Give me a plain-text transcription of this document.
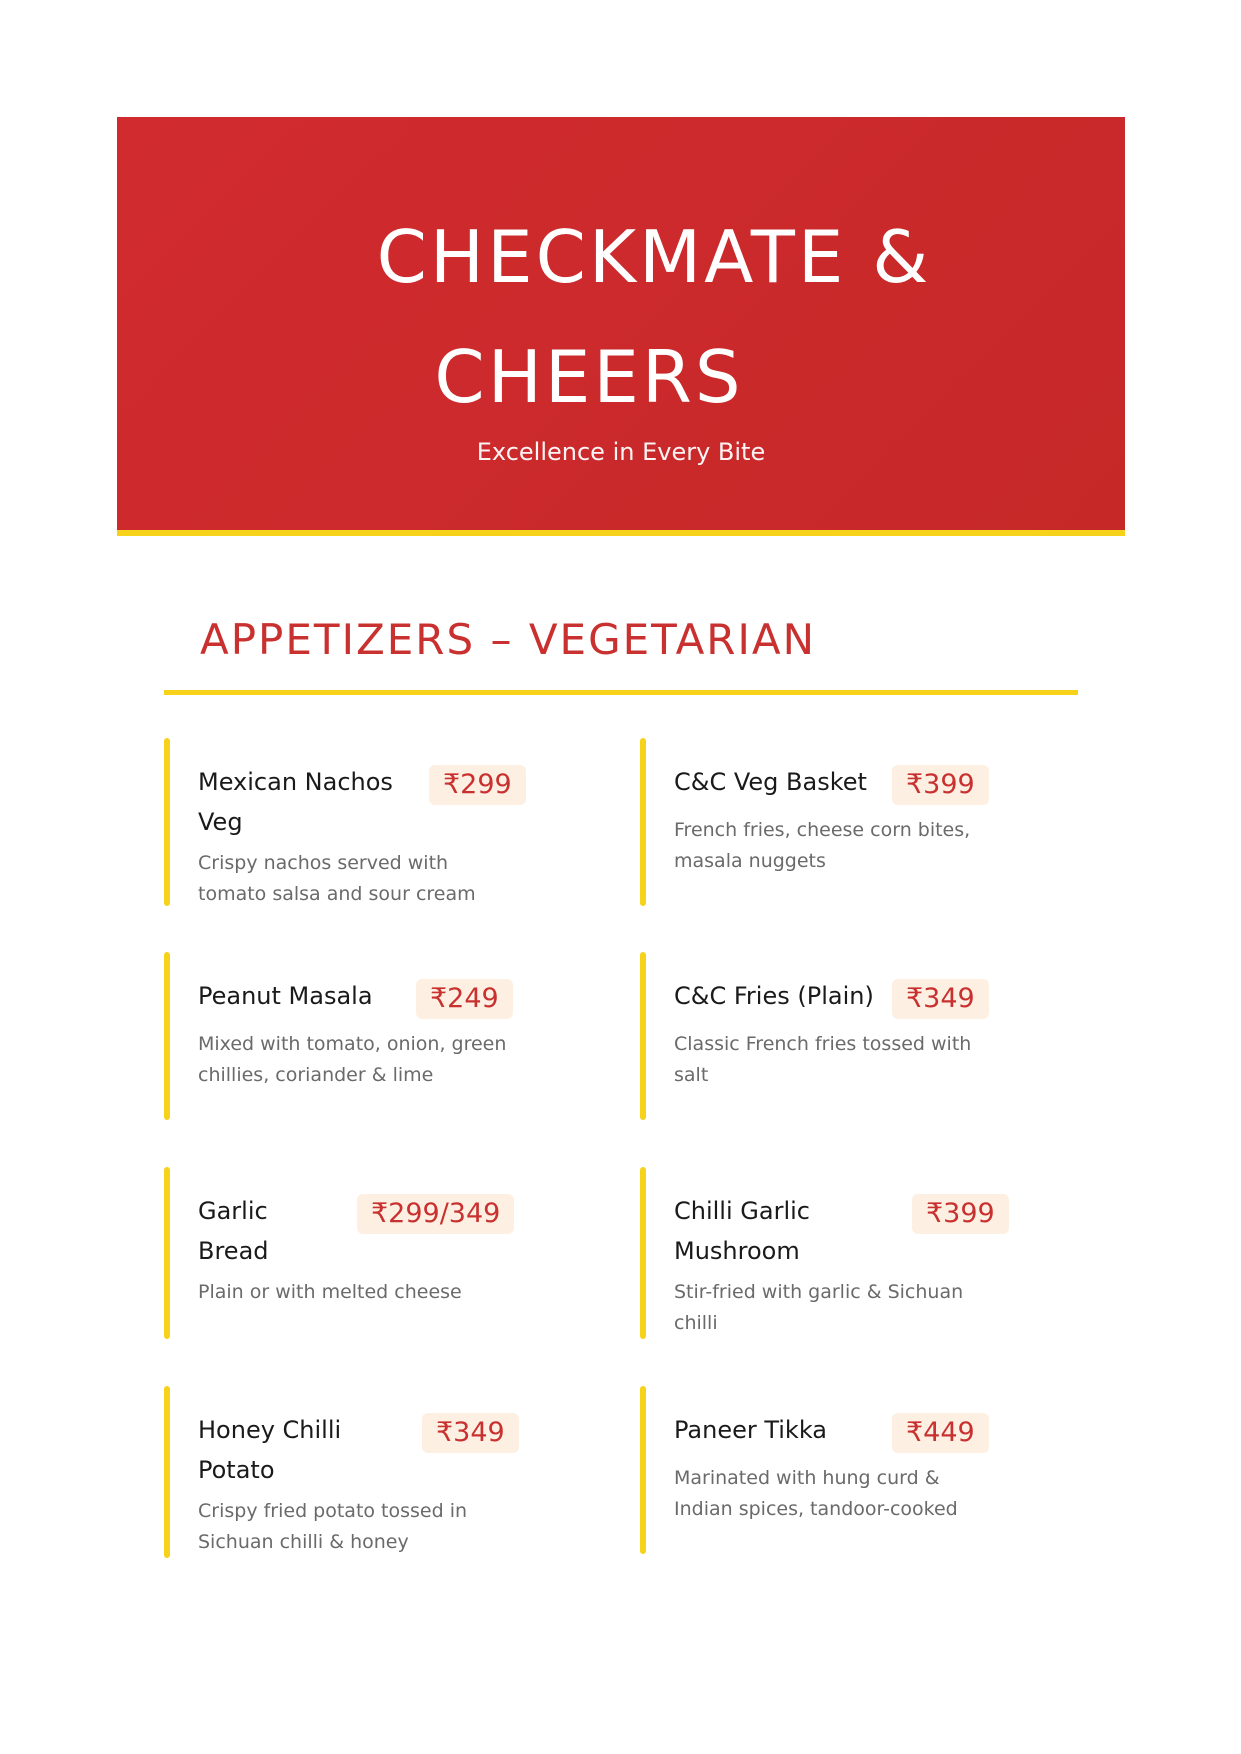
CHECKMATE &
CHEERS
Excellence in Every Bite
APPETIZERS – VEGETARIAN
Mexican Nachos Veg
₹299
Crispy nachos served with tomato salsa and sour cream
C&C Veg Basket	₹399
French fries, cheese corn bites, masala nuggets
Peanut Masala	₹249
Mixed with tomato, onion, green chillies, coriander & lime
C&C Fries (Plain)	₹349
Classic French fries tossed with salt
Garlic Bread
₹299/349
Plain or with melted cheese
Chilli Garlic Mushroom
₹399
Stir-fried with garlic & Sichuan chilli
Honey Chilli Potato
₹349
Crispy fried potato tossed in Sichuan chilli & honey
Paneer Tikka	₹449
Marinated with hung curd & Indian spices, tandoor-cooked
